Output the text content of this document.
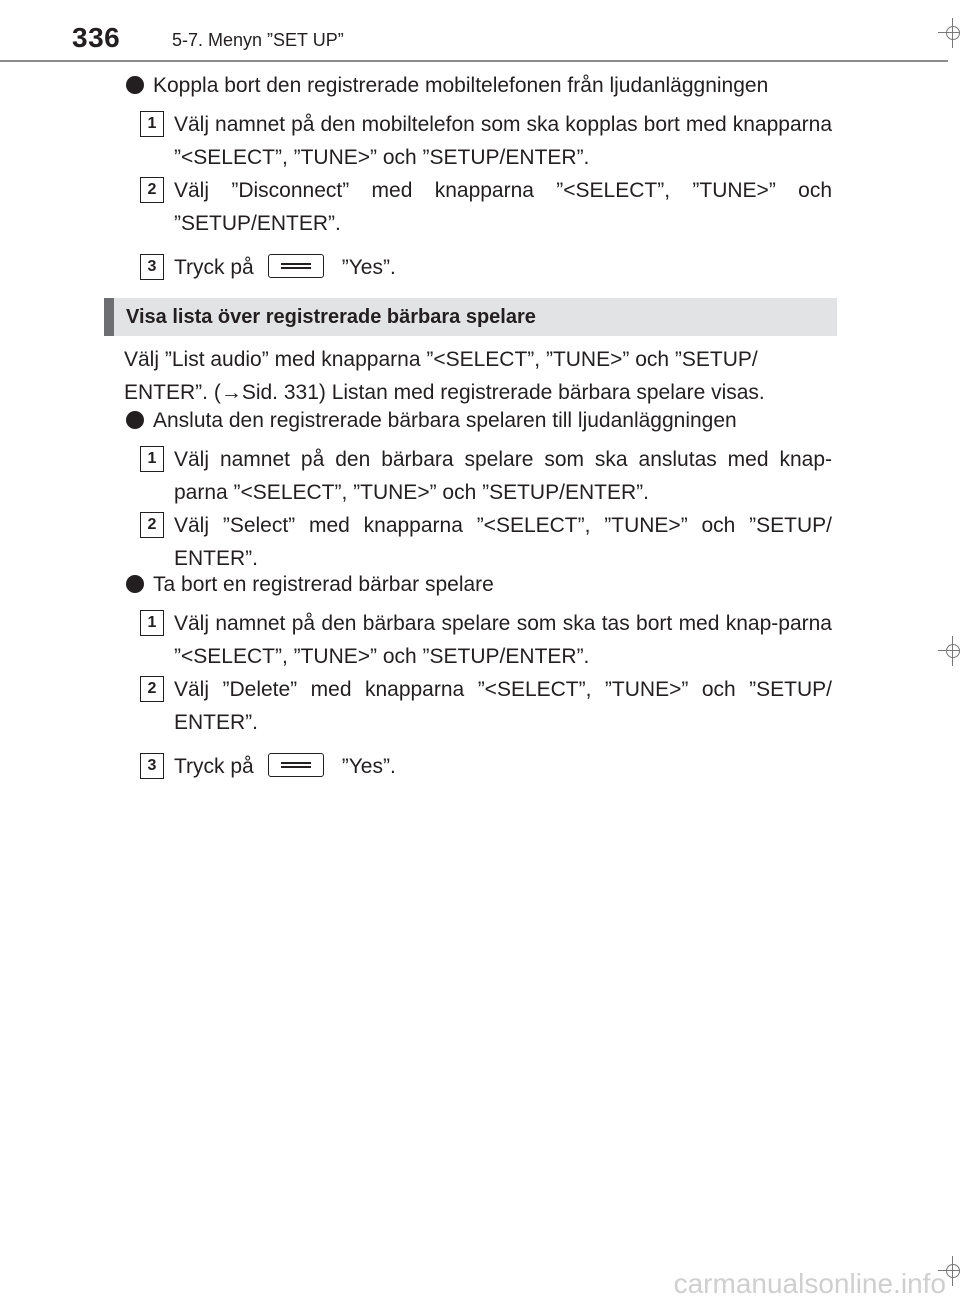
336	5-7. Menyn ”SET UP”
Koppla bort den registrerade mobiltelefonen från ljudanläggningen
1 Välj namnet på den mobiltelefon som ska kopplas bort med knapparna ”<SELECT”, ”TUNE>” och ”SETUP/ENTER”.
2 Välj ”Disconnect” med knapparna ”<SELECT”, ”TUNE>” och ”SETUP/ENTER”.
3 Tryck på	”Yes”.
Visa lista över registrerade bärbara spelare
Välj ”List audio” med knapparna ”<SELECT”, ”TUNE>” och ”SETUP/
ENTER”. (→Sid. 331) Listan med registrerade bärbara spelare visas.
Ansluta den registrerade bärbara spelaren till ljudanläggningen
1 Välj namnet på den bärbara spelare som ska anslutas med knap-parna ”<SELECT”, ”TUNE>” och ”SETUP/ENTER”.
2 Välj ”Select” med knapparna ”<SELECT”, ”TUNE>” och ”SETUP/ ENTER”.
Ta bort en registrerad bärbar spelare
1 Välj namnet på den bärbara spelare som ska tas bort med knap-parna ”<SELECT”, ”TUNE>” och ”SETUP/ENTER”.
2 Välj ”Delete” med knapparna ”<SELECT”, ”TUNE>” och ”SETUP/ ENTER”.
3 Tryck på	”Yes”.
carmanualsonline.info
